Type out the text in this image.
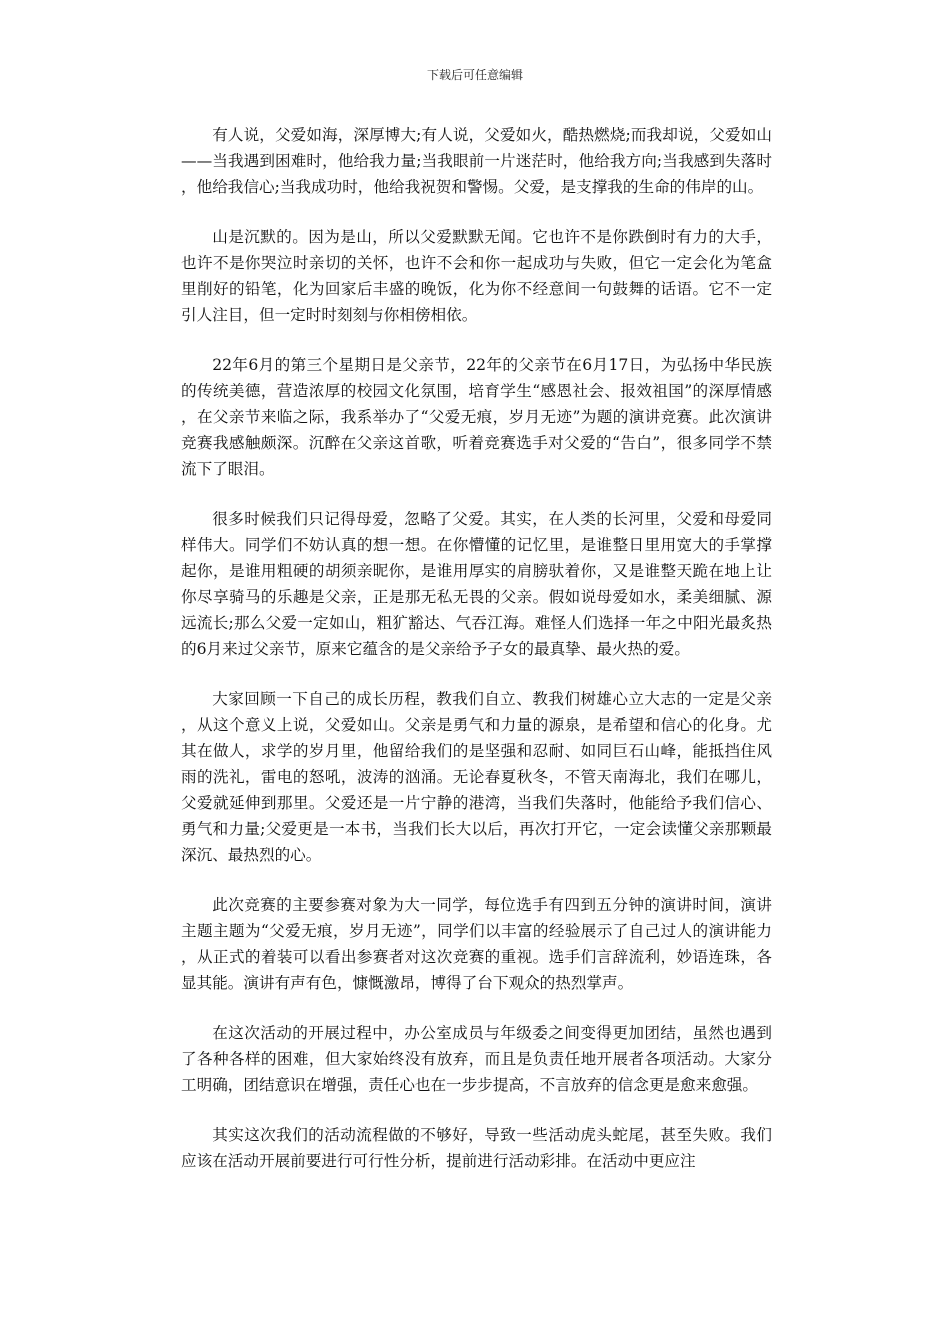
下载后可任意编辑

有人说，父爱如海，深厚博大;有人说，父爱如火，酷热燃烧;而我却说，父爱如山——当我遇到困难时，他给我力量;当我眼前一片迷茫时，他给我方向;当我感到失落时，他给我信心;当我成功时，他给我祝贺和警惕。父爱，是支撑我的生命的伟岸的山。

山是沉默的。因为是山，所以父爱默默无闻。它也许不是你跌倒时有力的大手，也许不是你哭泣时亲切的关怀，也许不会和你一起成功与失败，但它一定会化为笔盒里削好的铅笔，化为回家后丰盛的晚饭，化为你不经意间一句鼓舞的话语。它不一定引人注目，但一定时时刻刻与你相傍相依。

22年6月的第三个星期日是父亲节，22年的父亲节在6月17日，为弘扬中华民族的传统美德，营造浓厚的校园文化氛围，培育学生“感恩社会、报效祖国”的深厚情感，在父亲节来临之际，我系举办了“父爱无痕，岁月无迹”为题的演讲竞赛。此次演讲竞赛我感触颇深。沉醉在父亲这首歌，听着竞赛选手对父爱的“告白”，很多同学不禁流下了眼泪。

很多时候我们只记得母爱，忽略了父爱。其实，在人类的长河里，父爱和母爱同样伟大。同学们不妨认真的想一想。在你懵懂的记忆里，是谁整日里用宽大的手掌撑起你，是谁用粗硬的胡须亲昵你，是谁用厚实的肩膀驮着你，又是谁整天跪在地上让你尽享骑马的乐趣是父亲，正是那无私无畏的父亲。假如说母爱如水，柔美细腻、源远流长;那么父爱一定如山，粗犷豁达、气吞江海。难怪人们选择一年之中阳光最炙热的6月来过父亲节，原来它蕴含的是父亲给予子女的最真挚、最火热的爱。

大家回顾一下自己的成长历程，教我们自立、教我们树雄心立大志的一定是父亲，从这个意义上说，父爱如山。父亲是勇气和力量的源泉，是希望和信心的化身。尤其在做人，求学的岁月里，他留给我们的是坚强和忍耐、如同巨石山峰，能抵挡住风雨的洗礼，雷电的怒吼，波涛的汹涌。无论春夏秋冬，不管天南海北，我们在哪儿，父爱就延伸到那里。父爱还是一片宁静的港湾，当我们失落时，他能给予我们信心、勇气和力量;父爱更是一本书，当我们长大以后，再次打开它，一定会读懂父亲那颗最深沉、最热烈的心。

此次竞赛的主要参赛对象为大一同学，每位选手有四到五分钟的演讲时间，演讲主题主题为“父爱无痕，岁月无迹”，同学们以丰富的经验展示了自己过人的演讲能力，从正式的着装可以看出参赛者对这次竞赛的重视。选手们言辞流利，妙语连珠，各显其能。演讲有声有色，慷慨激昂，博得了台下观众的热烈掌声。

在这次活动的开展过程中，办公室成员与年级委之间变得更加团结，虽然也遇到了各种各样的困难，但大家始终没有放弃，而且是负责任地开展者各项活动。大家分工明确，团结意识在增强，责任心也在一步步提高，不言放弃的信念更是愈来愈强。

其实这次我们的活动流程做的不够好，导致一些活动虎头蛇尾，甚至失败。我们应该在活动开展前要进行可行性分析，提前进行活动彩排。在活动中更应注
